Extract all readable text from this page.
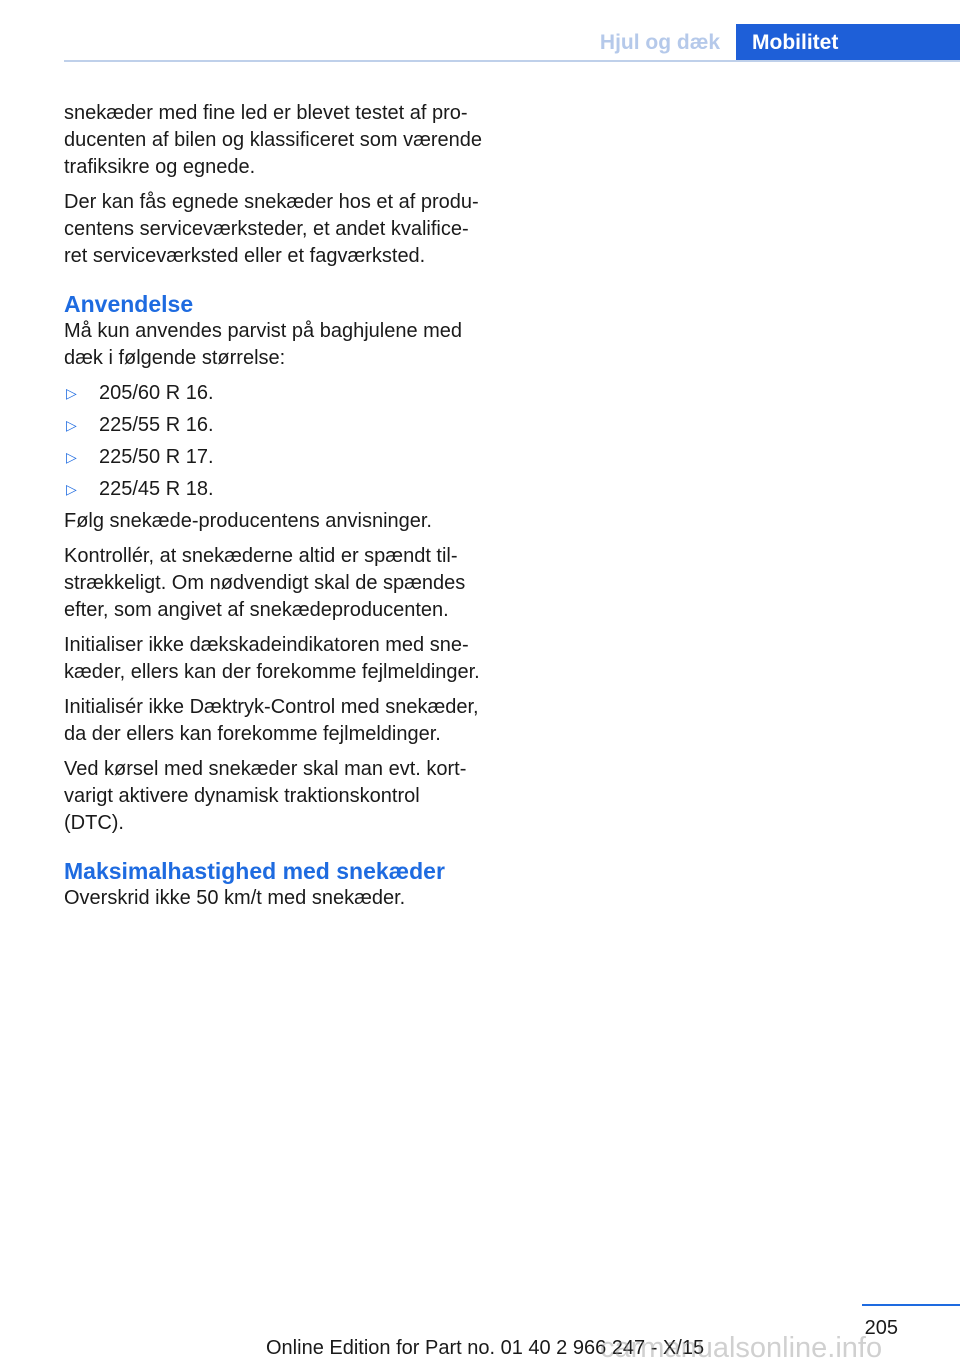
Hjul og dæk	Mobilitet

snekæder med fine led er blevet testet af producenten af bilen og klassificeret som værende trafiksikre og egnede.

Der kan fås egnede snekæder hos et af producentens serviceværksteder, et andet kvalificeret serviceværksted eller et fagværksted.

Anvendelse

Må kun anvendes parvist på baghjulene med dæk i følgende størrelse:

▷ 205/60 R 16.
▷ 225/55 R 16.
▷ 225/50 R 17.
▷ 225/45 R 18.

Følg snekæde-producentens anvisninger.

Kontrollér, at snekæderne altid er spændt tilstrækkeligt. Om nødvendigt skal de spændes efter, som angivet af snekædeproducenten.

Initialiser ikke dækskadeindikatoren med snekæder, ellers kan der forekomme fejlmeldinger.

Initialisér ikke Dæktryk-Control med snekæder, da der ellers kan forekomme fejlmeldinger.

Ved kørsel med snekæder skal man evt. kortvarigt aktivere dynamisk traktionskontrol (DTC).

Maksimalhastighed med snekæder

Overskrid ikke 50 km/t med snekæder.

205
Online Edition for Part no. 01 40 2 966 247 - X/15
carmanualsonline.info
